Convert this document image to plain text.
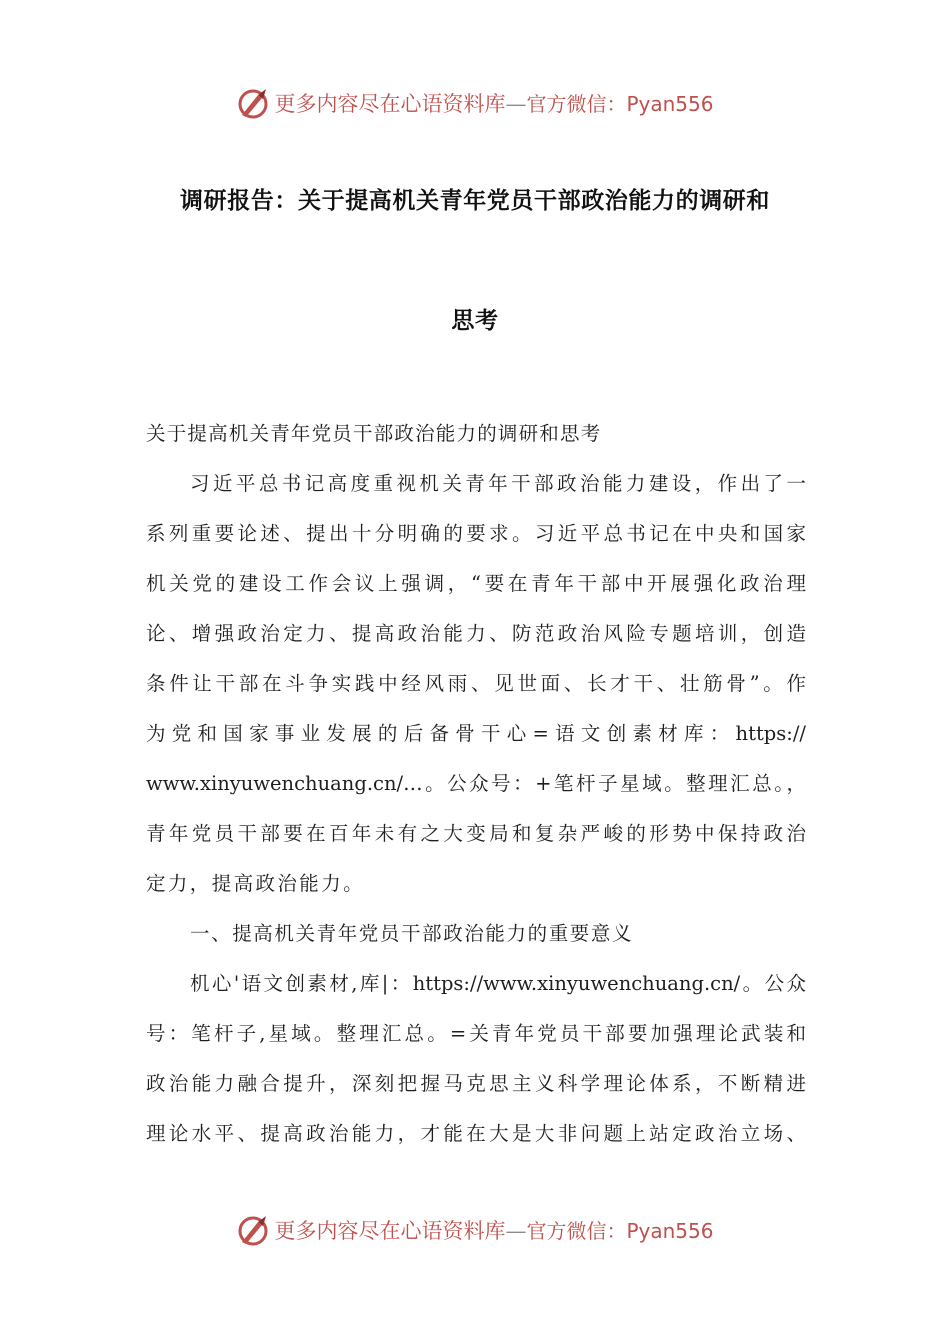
更多内容尽在心语资料库 — 官方微信：Pyan556
调研报告：关于提高机关青年党员干部政治能力的调研和
思考
关于提高机关青年党员干部政治能力的调研和思考
习近平总书记高度重视机关青年干部政治能力建设，作出了一
系列重要论述、提出十分明确的要求。习近平总书记在中央和国家
机关党的建设工作会议上强调，“要在青年干部中开展强化政治理
论、增强政治定力、提高政治能力、防范政治风险专题培训，创造
条件让干部在斗争实践中经风雨、见世面、长才干、壮筋骨”。作
为党和国家事业发展的后备骨干心=语文创素材库：https://
www.xinyuwenchuang.cn/…。公众号：+笔杆子星域。整理汇总。，
青年党员干部要在百年未有之大变局和复杂严峻的形势中保持政治
定力，提高政治能力。
一、提高机关青年党员干部政治能力的重要意义
机心'语文创素材,库|：https://www.xinyuwenchuang.cn/。公众
号：笔杆子,星域。整理汇总。=关青年党员干部要加强理论武装和
政治能力融合提升，深刻把握马克思主义科学理论体系，不断精进
理论水平、提高政治能力，才能在大是大非问题上站定政治立场、
更多内容尽在心语资料库 — 官方微信：Pyan556
